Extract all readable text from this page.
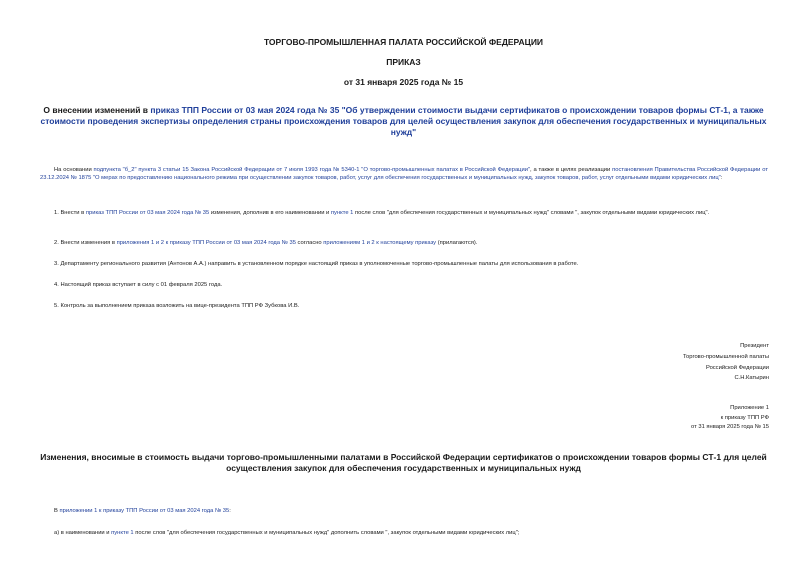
ТОРГОВО-ПРОМЫШЛЕННАЯ ПАЛАТА РОССИЙСКОЙ ФЕДЕРАЦИИ
ПРИКАЗ
от 31 января 2025 года № 15
О внесении изменений в приказ ТПП России от 03 мая 2024 года № 35 "Об утверждении стоимости выдачи сертификатов о происхождении товаров формы СТ-1, а также стоимости проведения экспертизы определения страны происхождения товаров для целей осуществления закупок для обеспечения государственных и муниципальных нужд"
На основании подпункта "б_2" пункта 3 статьи 15 Закона Российской Федерации от 7 июля 1993 года № 5340-1 "О торгово-промышленных палатах в Российской Федерации", а также в целях реализации постановления Правительства Российской Федерации от 23.12.2024 № 1875 "О мерах по предоставлению национального режима при осуществлении закупок товаров, работ, услуг для обеспечения государственных и муниципальных нужд, закупок товаров, работ, услуг отдельными видами юридических лиц":
1. Внести в приказ ТПП России от 03 мая 2024 года № 35 изменения, дополнив в его наименовании и пункте 1 после слов "для обеспечения государственных и муниципальных нужд" словами ", закупок отдельными видами юридических лиц".
2. Внести изменения в приложения 1 и 2 к приказу ТПП России от 03 мая 2024 года № 35 согласно приложениям 1 и 2 к настоящему приказу (прилагаются).
3. Департаменту регионального развития (Антонов А.А.) направить в установленном порядке настоящий приказ в уполномоченные торгово-промышленные палаты для использования в работе.
4. Настоящий приказ вступает в силу с 01 февраля 2025 года.
5. Контроль за выполнением приказа возложить на вице-президента ТПП РФ Зубкова И.В.
Президент
Торгово-промышленной палаты
Российской Федерации
С.Н.Катырин
Приложение 1
к приказу ТПП РФ
от 31 января 2025 года № 15
Изменения, вносимые в стоимость выдачи торгово-промышленными палатами в Российской Федерации сертификатов о происхождении товаров формы СТ-1 для целей осуществления закупок для обеспечения государственных и муниципальных нужд
В приложении 1 к приказу ТПП России от 03 мая 2024 года № 35:
а) в наименовании и пункте 1 после слов "для обеспечения государственных и муниципальных нужд" дополнить словами ", закупок отдельными видами юридических лиц";
